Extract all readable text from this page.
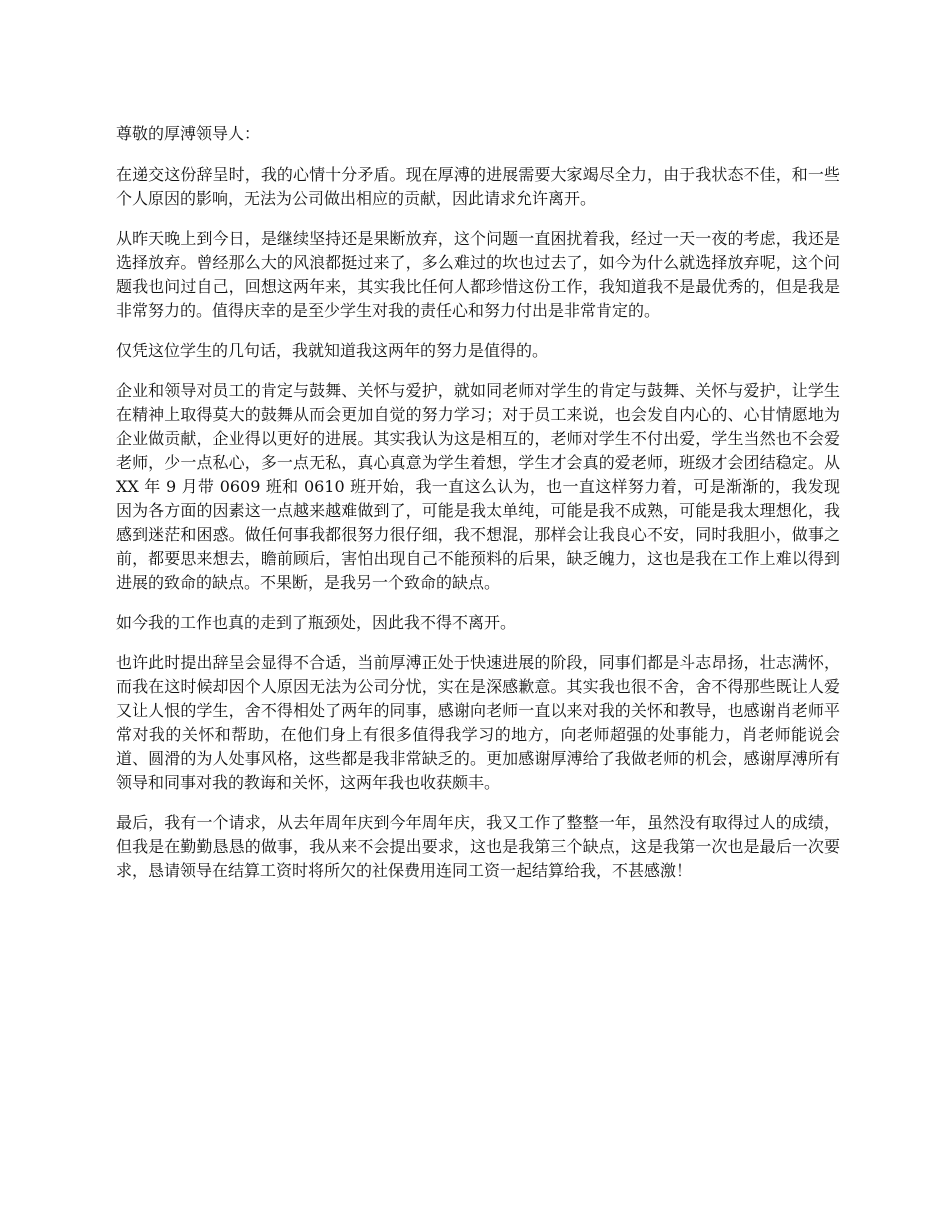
尊敬的厚溥领导人：

在递交这份辞呈时，我的心情十分矛盾。现在厚溥的进展需要大家竭尽全力，由于我状态不佳，和一些个人原因的影响，无法为公司做出相应的贡献，因此请求允许离开。

从昨天晚上到今日，是继续坚持还是果断放弃，这个问题一直困扰着我，经过一天一夜的考虑，我还是选择放弃。曾经那么大的风浪都挺过来了，多么难过的坎也过去了，如今为什么就选择放弃呢，这个问题我也问过自己，回想这两年来，其实我比任何人都珍惜这份工作，我知道我不是最优秀的，但是我是非常努力的。值得庆幸的是至少学生对我的责任心和努力付出是非常肯定的。

仅凭这位学生的几句话，我就知道我这两年的努力是值得的。

企业和领导对员工的肯定与鼓舞、关怀与爱护，就如同老师对学生的肯定与鼓舞、关怀与爱护，让学生在精神上取得莫大的鼓舞从而会更加自觉的努力学习；对于员工来说，也会发自内心的、心甘情愿地为企业做贡献，企业得以更好的进展。其实我认为这是相互的，老师对学生不付出爱，学生当然也不会爱老师，少一点私心，多一点无私，真心真意为学生着想，学生才会真的爱老师，班级才会团结稳定。从 XX 年 9 月带 0609 班和 0610 班开始，我一直这么认为，也一直这样努力着，可是渐渐的，我发现因为各方面的因素这一点越来越难做到了，可能是我太单纯，可能是我不成熟，可能是我太理想化，我感到迷茫和困惑。做任何事我都很努力很仔细，我不想混，那样会让我良心不安，同时我胆小，做事之前，都要思来想去，瞻前顾后，害怕出现自己不能预料的后果，缺乏魄力，这也是我在工作上难以得到进展的致命的缺点。不果断，是我另一个致命的缺点。

如今我的工作也真的走到了瓶颈处，因此我不得不离开。

也许此时提出辞呈会显得不合适，当前厚溥正处于快速进展的阶段，同事们都是斗志昂扬，壮志满怀，而我在这时候却因个人原因无法为公司分忧，实在是深感歉意。其实我也很不舍，舍不得那些既让人爱又让人恨的学生，舍不得相处了两年的同事，感谢向老师一直以来对我的关怀和教导，也感谢肖老师平常对我的关怀和帮助，在他们身上有很多值得我学习的地方，向老师超强的处事能力，肖老师能说会道、圆滑的为人处事风格，这些都是我非常缺乏的。更加感谢厚溥给了我做老师的机会，感谢厚溥所有领导和同事对我的教诲和关怀，这两年我也收获颇丰。

最后，我有一个请求，从去年周年庆到今年周年庆，我又工作了整整一年，虽然没有取得过人的成绩，但我是在勤勤恳恳的做事，我从来不会提出要求，这也是我第三个缺点，这是我第一次也是最后一次要求，恳请领导在结算工资时将所欠的社保费用连同工资一起结算给我，不甚感激！
